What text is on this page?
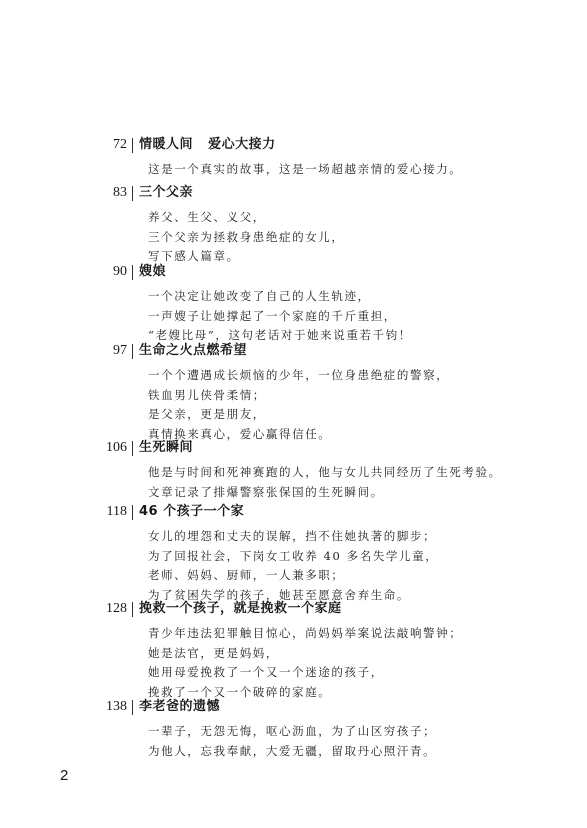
2
72 情暖人间   爱心大接力
这是一个真实的故事，这是一场超越亲情的爱心接力。
83 三个父亲
养父、生父、义父，
三个父亲为拯救身患绝症的女儿，
写下感人篇章。
90 嫂娘
一个决定让她改变了自己的人生轨迹，
一声嫂子让她撑起了一个家庭的千斤重担，
“老嫂比母”，这句老话对于她来说重若千钧！
97 生命之火点燃希望
一个个遭遇成长烦恼的少年，一位身患绝症的警察，
铁血男儿侠骨柔情；
是父亲，更是朋友，
真情换来真心，爱心赢得信任。
106 生死瞬间
他是与时间和死神赛跑的人，他与女儿共同经历了生死考验。
文章记录了排爆警察张保国的生死瞬间。
118 46 个孩子一个家
女儿的埋怨和丈夫的误解，挡不住她执著的脚步；
为了回报社会，下岗女工收养 40 多名失学儿童，
老师、妈妈、厨师，一人兼多职；
为了贫困失学的孩子，她甚至愿意舍弃生命。
128 挽救一个孩子，就是挽救一个家庭
青少年违法犯罪触目惊心，尚妈妈举案说法敲响警钟；
她是法官，更是妈妈，
她用母爱挽救了一个又一个迷途的孩子，
挽救了一个又一个破碎的家庭。
138 李老爸的遗憾
一辈子，无怨无悔，呕心沥血，为了山区穷孩子；
为他人，忘我奉献，大爱无疆，留取丹心照汗青。
